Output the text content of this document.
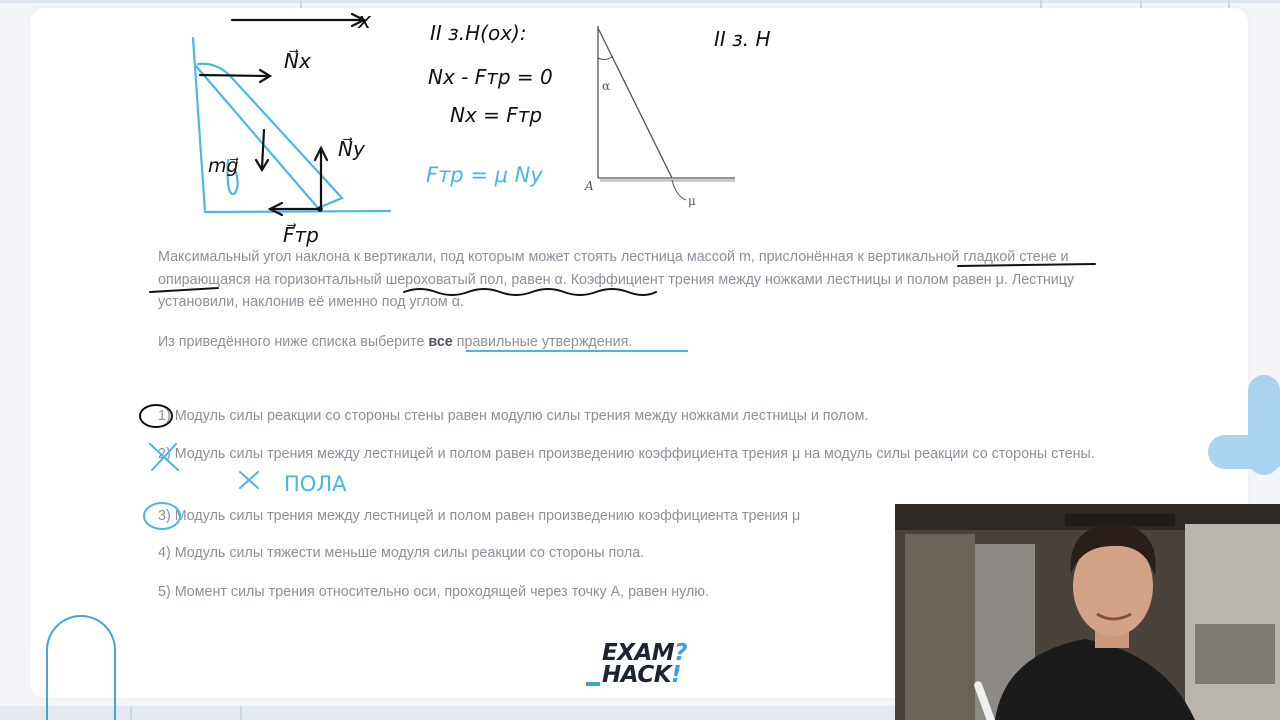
Максимальный угол наклона к вертикали, под которым может стоять лестница массой m, прислонённая к вертикальной гладкой стене и опирающаяся на горизонтальный шероховатый пол, равен α. Коэффициент трения между ножками лестницы и полом равен μ. Лестницу установили, наклонив её именно под углом α.
Из приведённого ниже списка выберите все правильные утверждения.
1) Модуль силы реакции со стороны стены равен модулю силы трения между ножками лестницы и полом.
2) Модуль силы трения между лестницей и полом равен произведению коэффициента трения μ на модуль силы реакции со стороны стены.
3) Модуль силы трения между лестницей и полом равен произведению коэффициента трения μ
4) Модуль силы тяжести меньше модуля силы реакции со стороны пола.
5) Момент силы трения относительно оси, проходящей через точку A, равен нулю.
x
N⃗x
mg⃗
N⃗y
F⃗тр
II з.Н(ox):
Nx - Fтр = 0
Nx = Fтр
II з. Н
Fтр = μ Ny
α
A
μ
ПОЛА
EXAM?
HACK!
